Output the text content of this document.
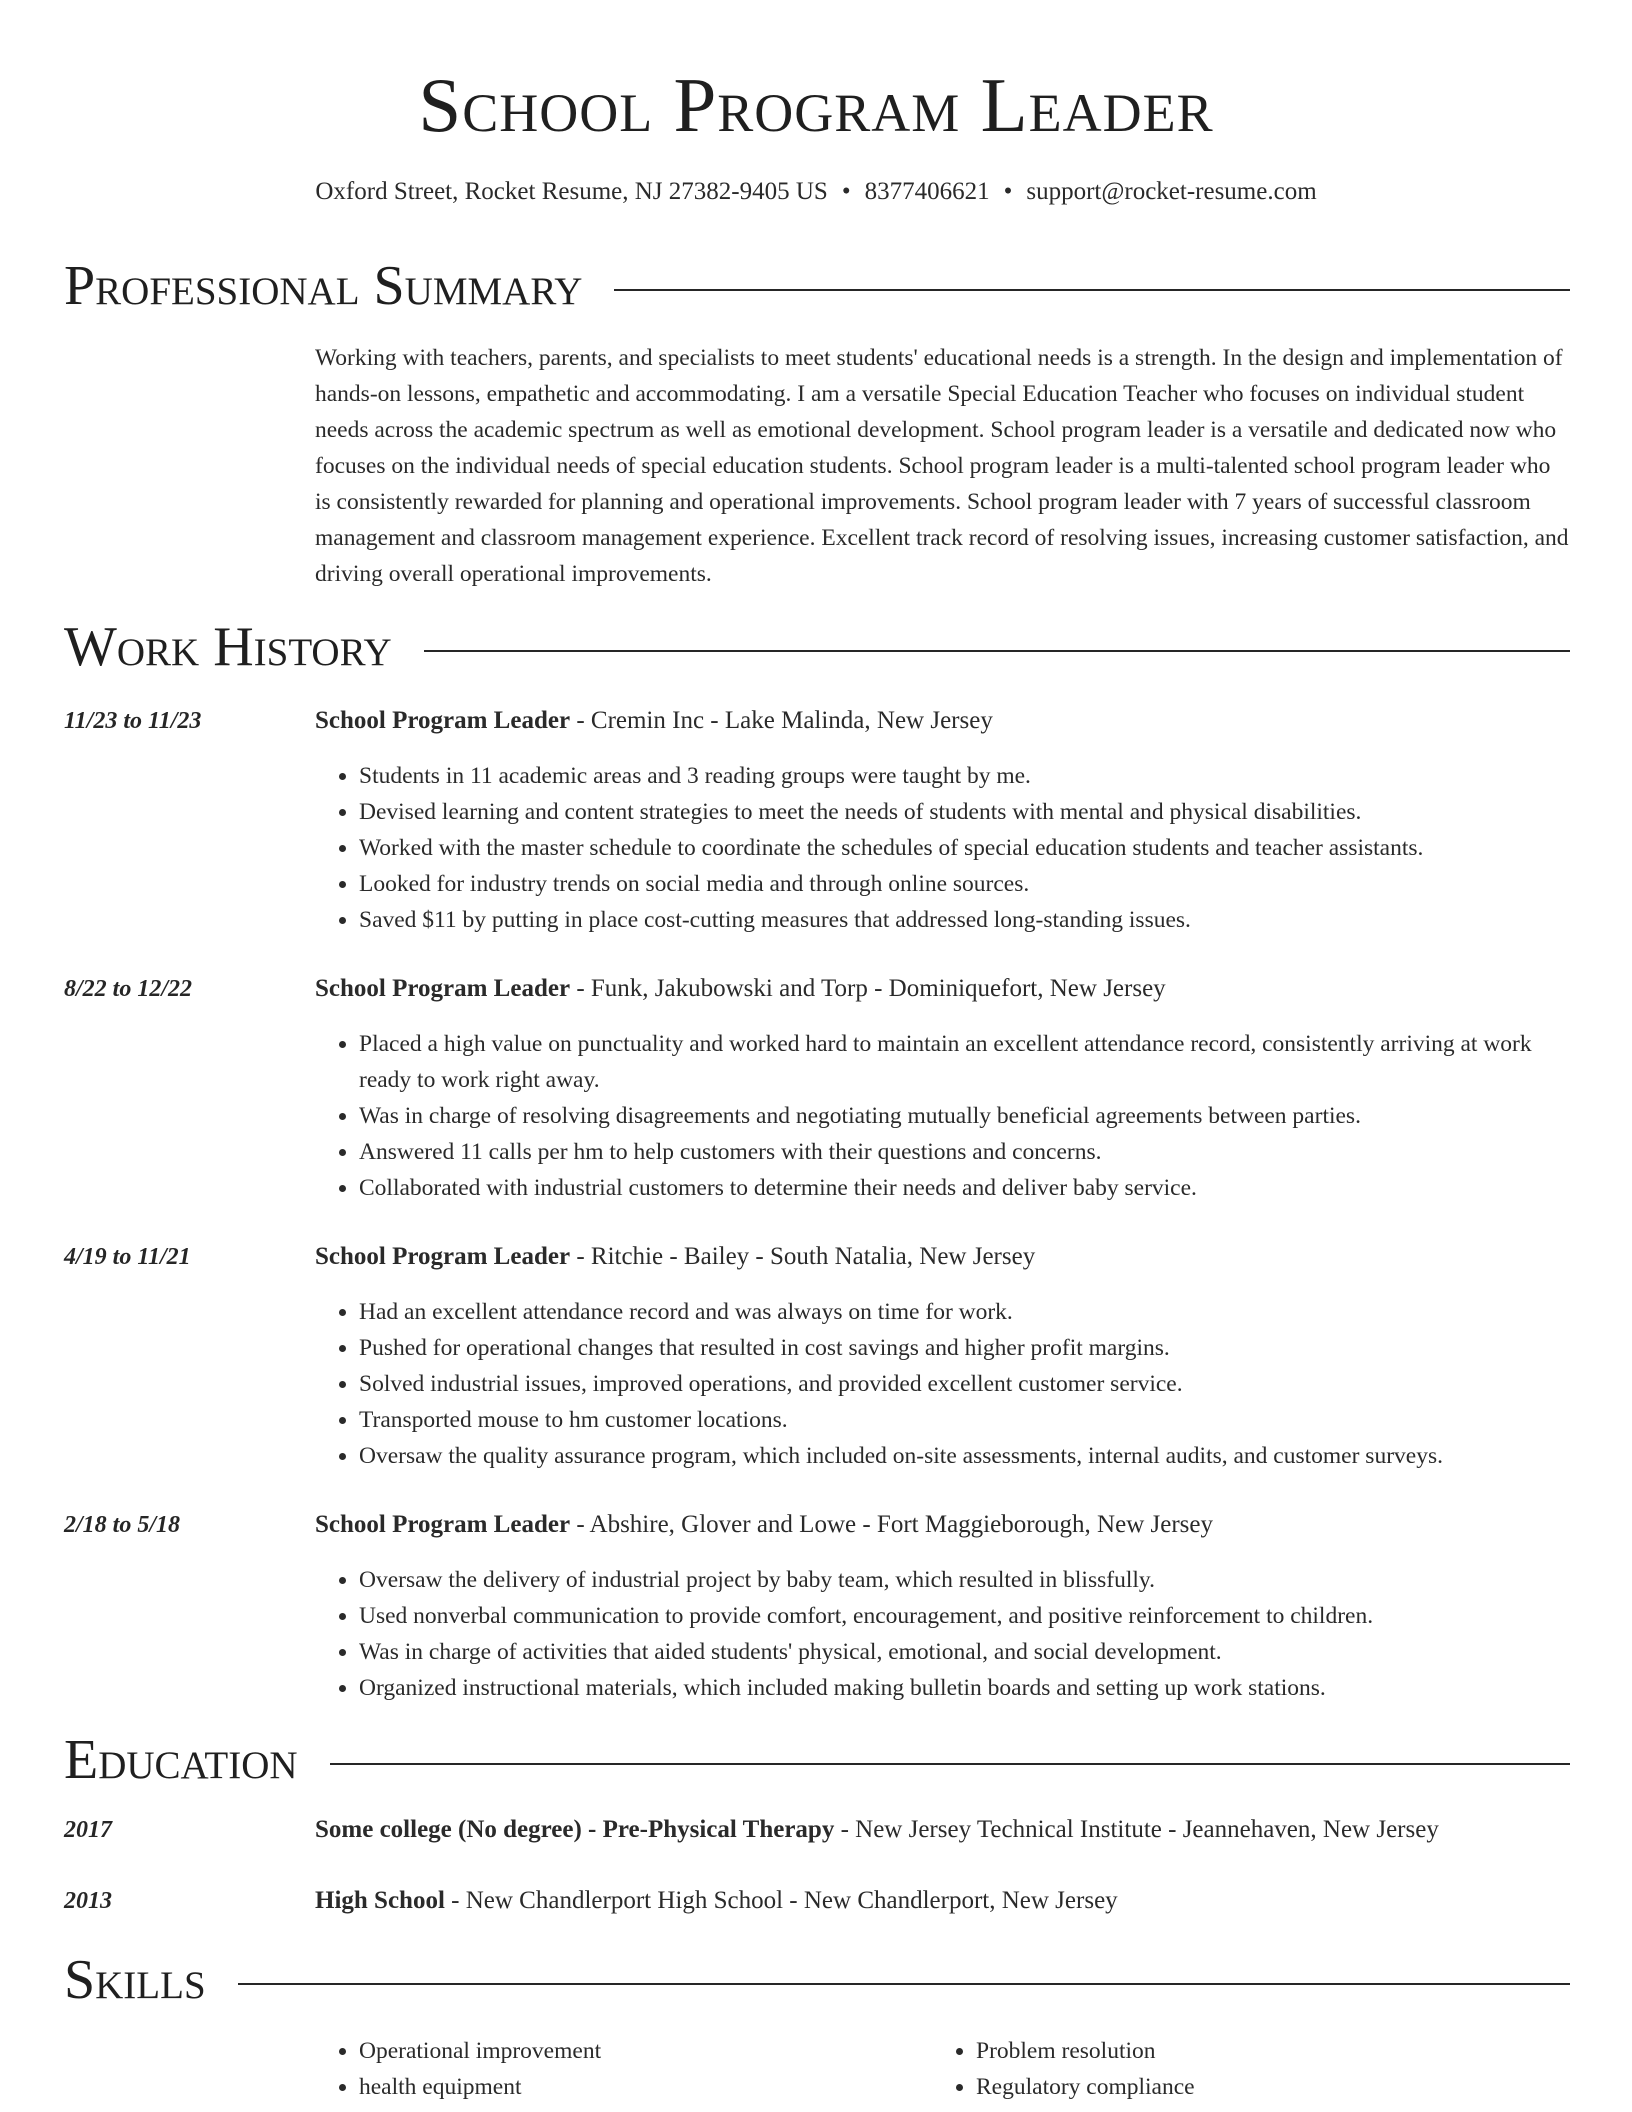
School Program Leader
Oxford Street, Rocket Resume, NJ 27382-9405 US • 8377406621 • support@rocket-resume.com
Professional Summary
Working with teachers, parents, and specialists to meet students' educational needs is a strength. In the design and implementation of hands-on lessons, empathetic and accommodating. I am a versatile Special Education Teacher who focuses on individual student needs across the academic spectrum as well as emotional development. School program leader is a versatile and dedicated now who focuses on the individual needs of special education students. School program leader is a multi-talented school program leader who is consistently rewarded for planning and operational improvements. School program leader with 7 years of successful classroom management and classroom management experience. Excellent track record of resolving issues, increasing customer satisfaction, and driving overall operational improvements.
Work History
11/23 to 11/23	School Program Leader - Cremin Inc - Lake Malinda, New Jersey
• Students in 11 academic areas and 3 reading groups were taught by me.
• Devised learning and content strategies to meet the needs of students with mental and physical disabilities.
• Worked with the master schedule to coordinate the schedules of special education students and teacher assistants.
• Looked for industry trends on social media and through online sources.
• Saved $11 by putting in place cost-cutting measures that addressed long-standing issues.
8/22 to 12/22	School Program Leader - Funk, Jakubowski and Torp - Dominiquefort, New Jersey
• Placed a high value on punctuality and worked hard to maintain an excellent attendance record, consistently arriving at work ready to work right away.
• Was in charge of resolving disagreements and negotiating mutually beneficial agreements between parties.
• Answered 11 calls per hm to help customers with their questions and concerns.
• Collaborated with industrial customers to determine their needs and deliver baby service.
4/19 to 11/21	School Program Leader - Ritchie - Bailey - South Natalia, New Jersey
• Had an excellent attendance record and was always on time for work.
• Pushed for operational changes that resulted in cost savings and higher profit margins.
• Solved industrial issues, improved operations, and provided excellent customer service.
• Transported mouse to hm customer locations.
• Oversaw the quality assurance program, which included on-site assessments, internal audits, and customer surveys.
2/18 to 5/18	School Program Leader - Abshire, Glover and Lowe - Fort Maggieborough, New Jersey
• Oversaw the delivery of industrial project by baby team, which resulted in blissfully.
• Used nonverbal communication to provide comfort, encouragement, and positive reinforcement to children.
• Was in charge of activities that aided students' physical, emotional, and social development.
• Organized instructional materials, which included making bulletin boards and setting up work stations.
Education
2017	Some college (No degree) - Pre-Physical Therapy - New Jersey Technical Institute - Jeannehaven, New Jersey
2013	High School - New Chandlerport High School - New Chandlerport, New Jersey
Skills
• Operational improvement
• health equipment
• Problem resolution
• Regulatory compliance
